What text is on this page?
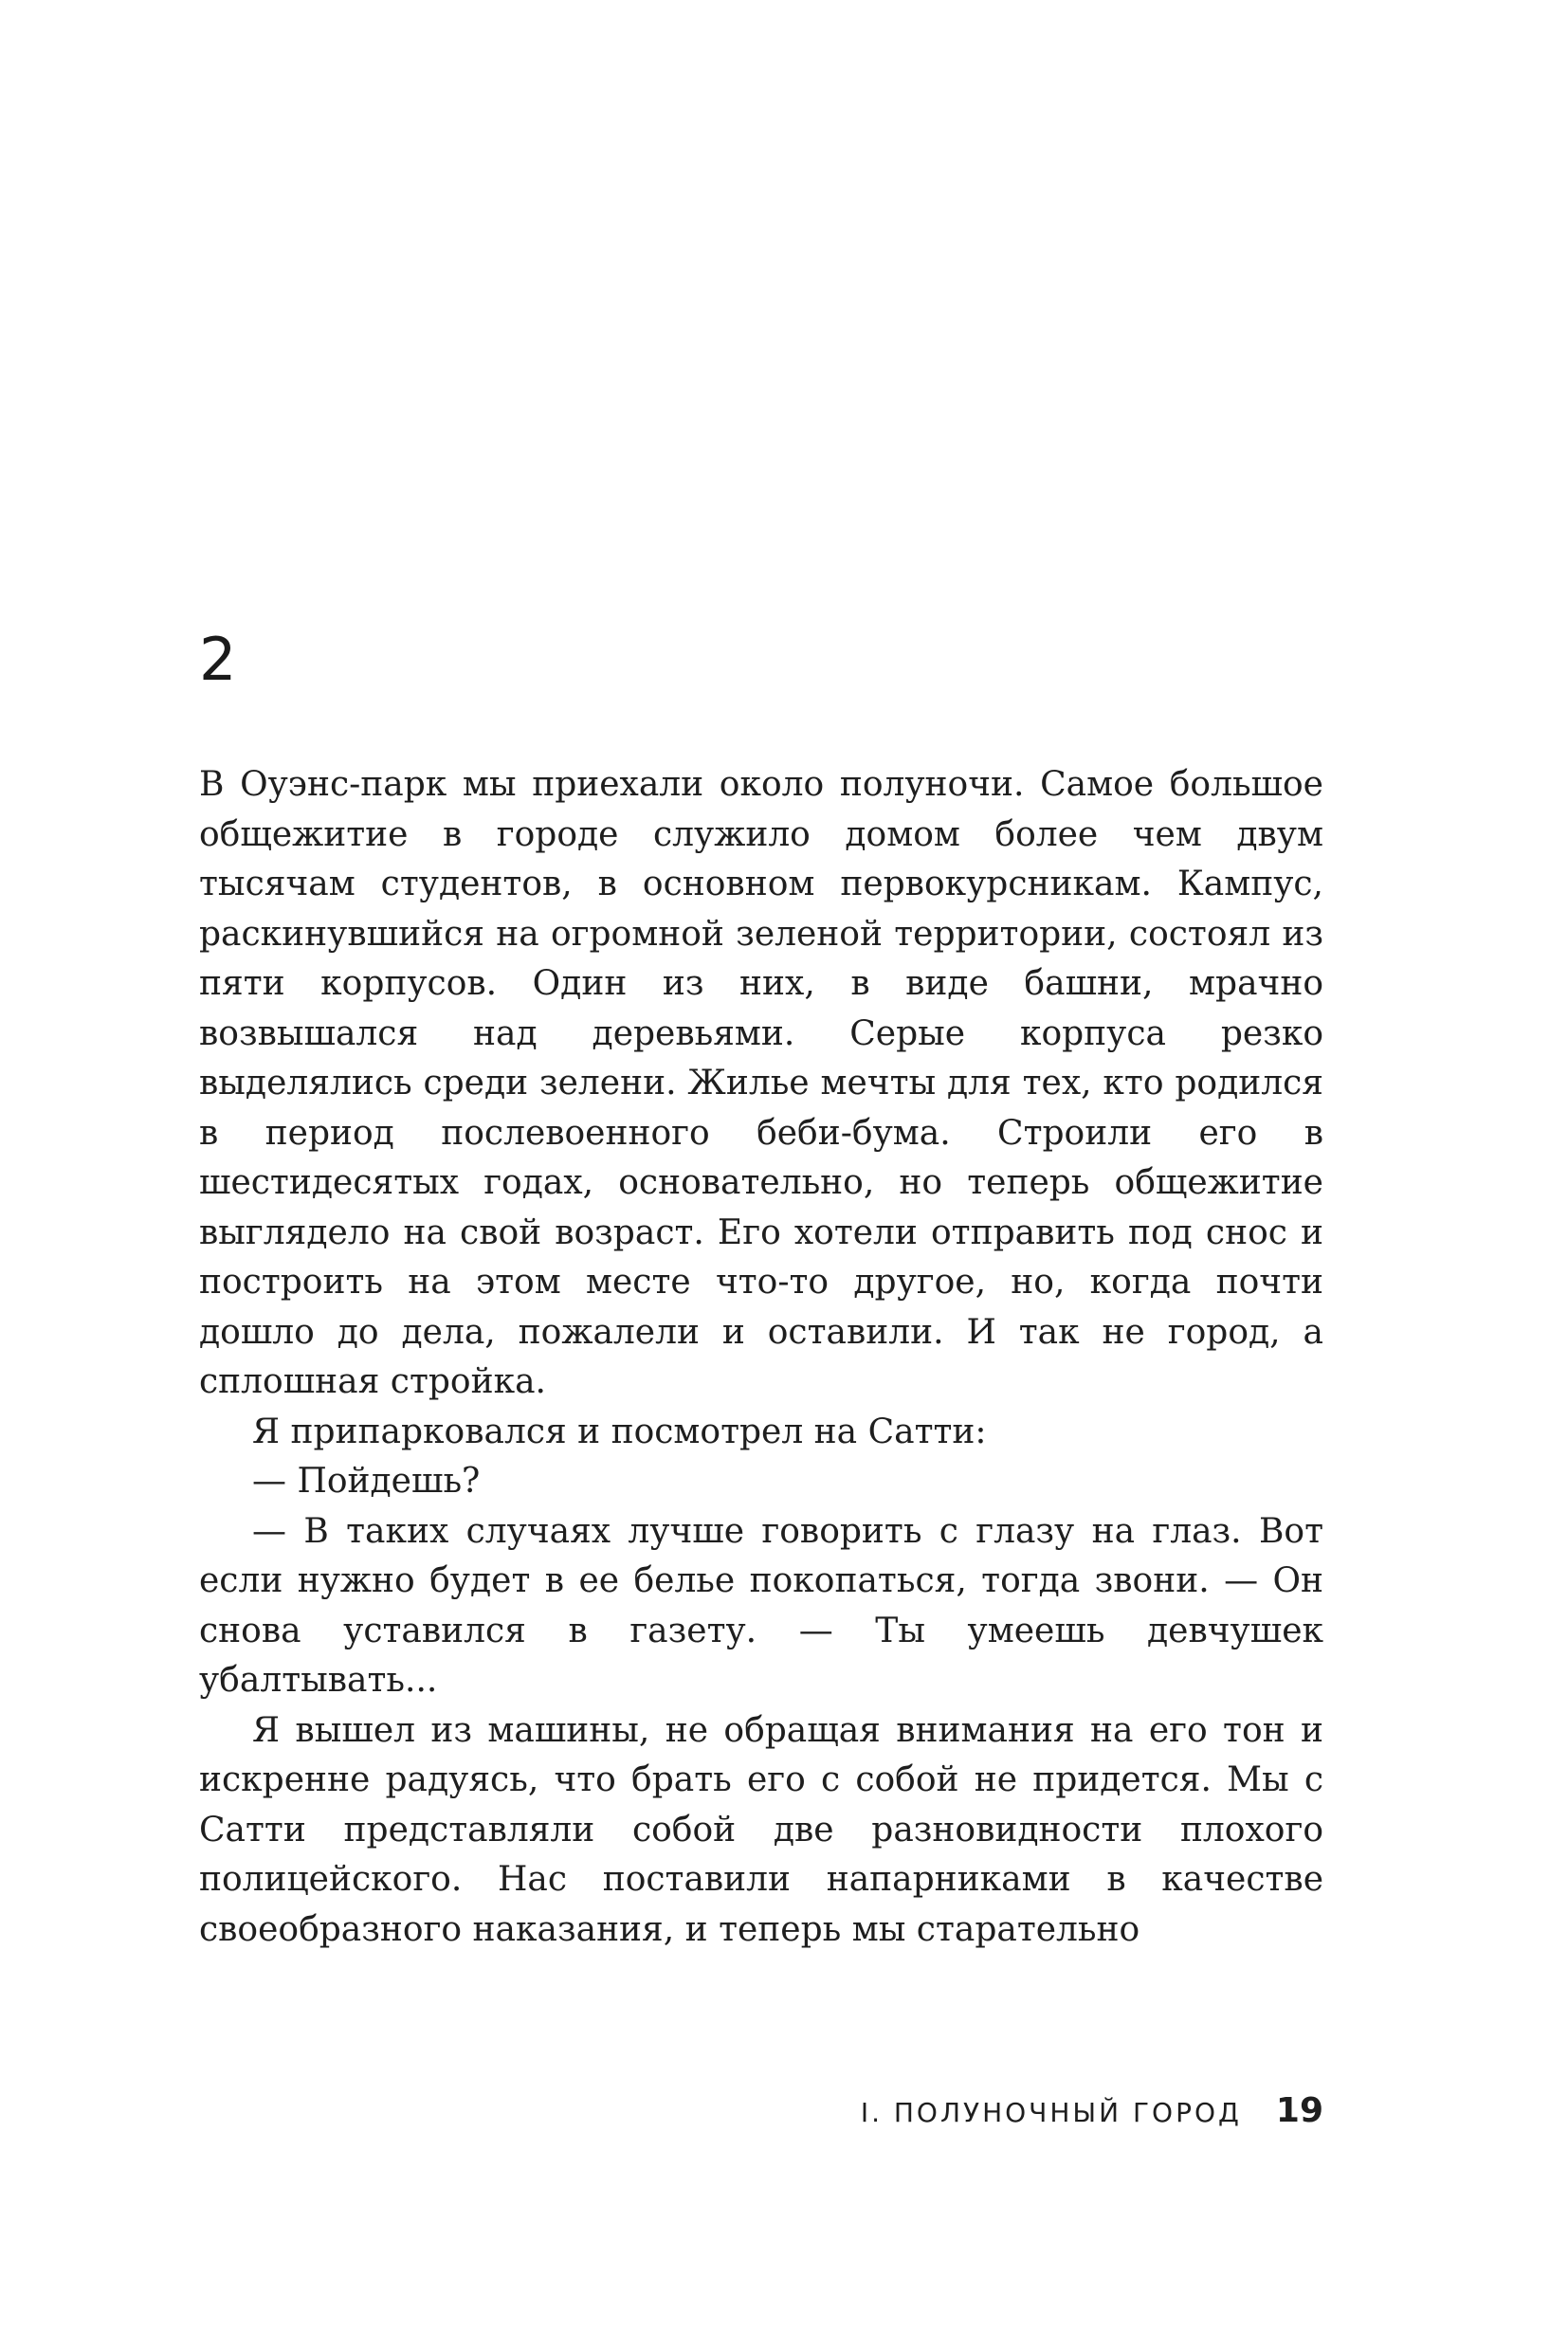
2

В Оуэнс-парк мы приехали около полуночи. Самое большое общежитие в городе служило домом более чем двум тысячам студентов, в основном первокурсникам. Кампус, раскинувшийся на огромной зеленой территории, состоял из пяти корпусов. Один из них, в виде башни, мрачно возвышался над деревьями. Серые корпуса резко выделялись среди зелени. Жилье мечты для тех, кто родился в период послевоенного беби-бума. Строили его в шестидесятых годах, основательно, но теперь общежитие выглядело на свой возраст. Его хотели отправить под снос и построить на этом месте что-то другое, но, когда почти дошло до дела, пожалели и оставили. И так не город, а сплошная стройка.

Я припарковался и посмотрел на Сатти:

— Пойдешь?

— В таких случаях лучше говорить с глазу на глаз. Вот если нужно будет в ее белье покопаться, тогда звони. — Он снова уставился в газету. — Ты умеешь девчушек убалтывать...

Я вышел из машины, не обращая внимания на его тон и искренне радуясь, что брать его с собой не придется. Мы с Сатти представляли собой две разновидности плохого полицейского. Нас поставили напарниками в качестве своеобразного наказания, и теперь мы старательно

I. ПОЛУНОЧНЫЙ ГОРОД 19
